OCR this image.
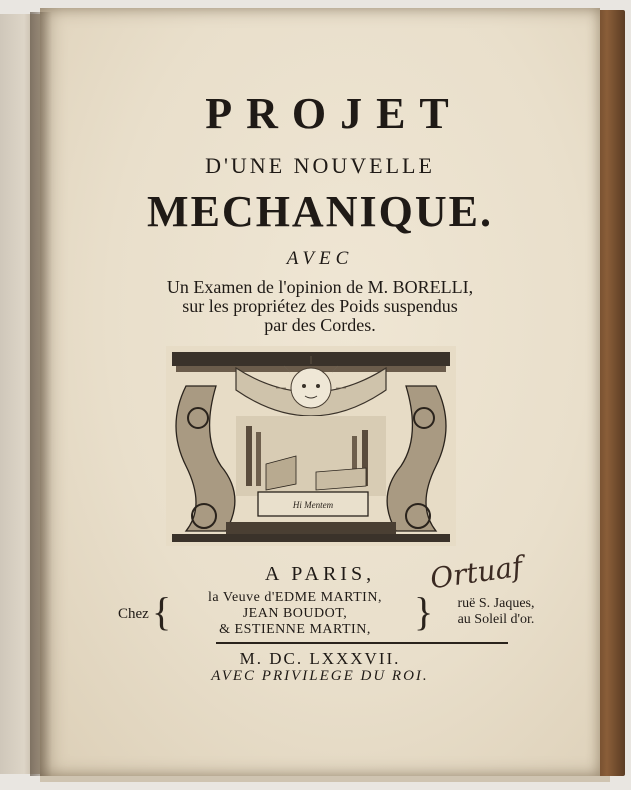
PROJET
D'UNE NOUVELLE
MECHANIQUE.
AVEC
Un Examen de l'opinion de M. BORELLI,
sur les propriétez des Poids suspendus
par des Cordes.
Hi Mentem
A PARIS,
Chez {	la Veuve d'EDME MARTIN,
JEAN BOUDOT,
& ESTIENNE MARTIN,	}	ruë S. Jaques,
au Soleil d'or.
M. DC. LXXXVII.
AVEC PRIVILEGE DU ROI.
Ortuaf
